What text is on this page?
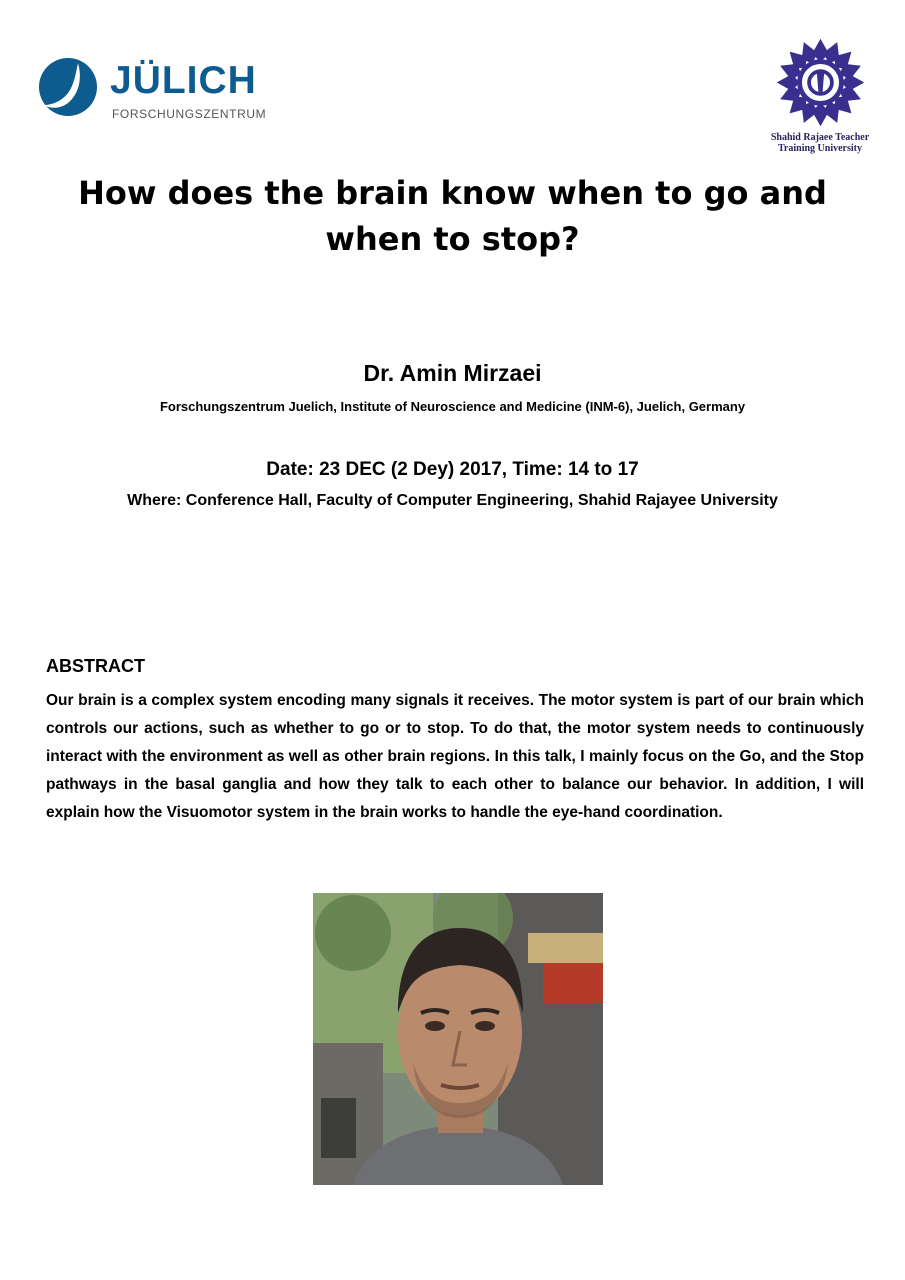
JÜLICH
FORSCHUNGSZENTRUM
Shahid Rajaee Teacher
Training University
How does the brain know when to go and when to stop?
Dr. Amin Mirzaei
Forschungszentrum Juelich, Institute of Neuroscience and Medicine (INM-6), Juelich, Germany
Date: 23 DEC (2 Dey) 2017, Time: 14 to 17
Where: Conference Hall, Faculty of Computer Engineering, Shahid Rajayee University
ABSTRACT
Our brain is a complex system encoding many signals it receives. The motor system is part of our brain which controls our actions, such as whether to go or to stop. To do that, the motor system needs to continuously interact with the environment as well as other brain regions. In this talk, I mainly focus on the Go, and the Stop pathways in the basal ganglia and how they talk to each other to balance our behavior. In addition, I will explain how the Visuomotor system in the brain works to handle the eye-hand coordination.
